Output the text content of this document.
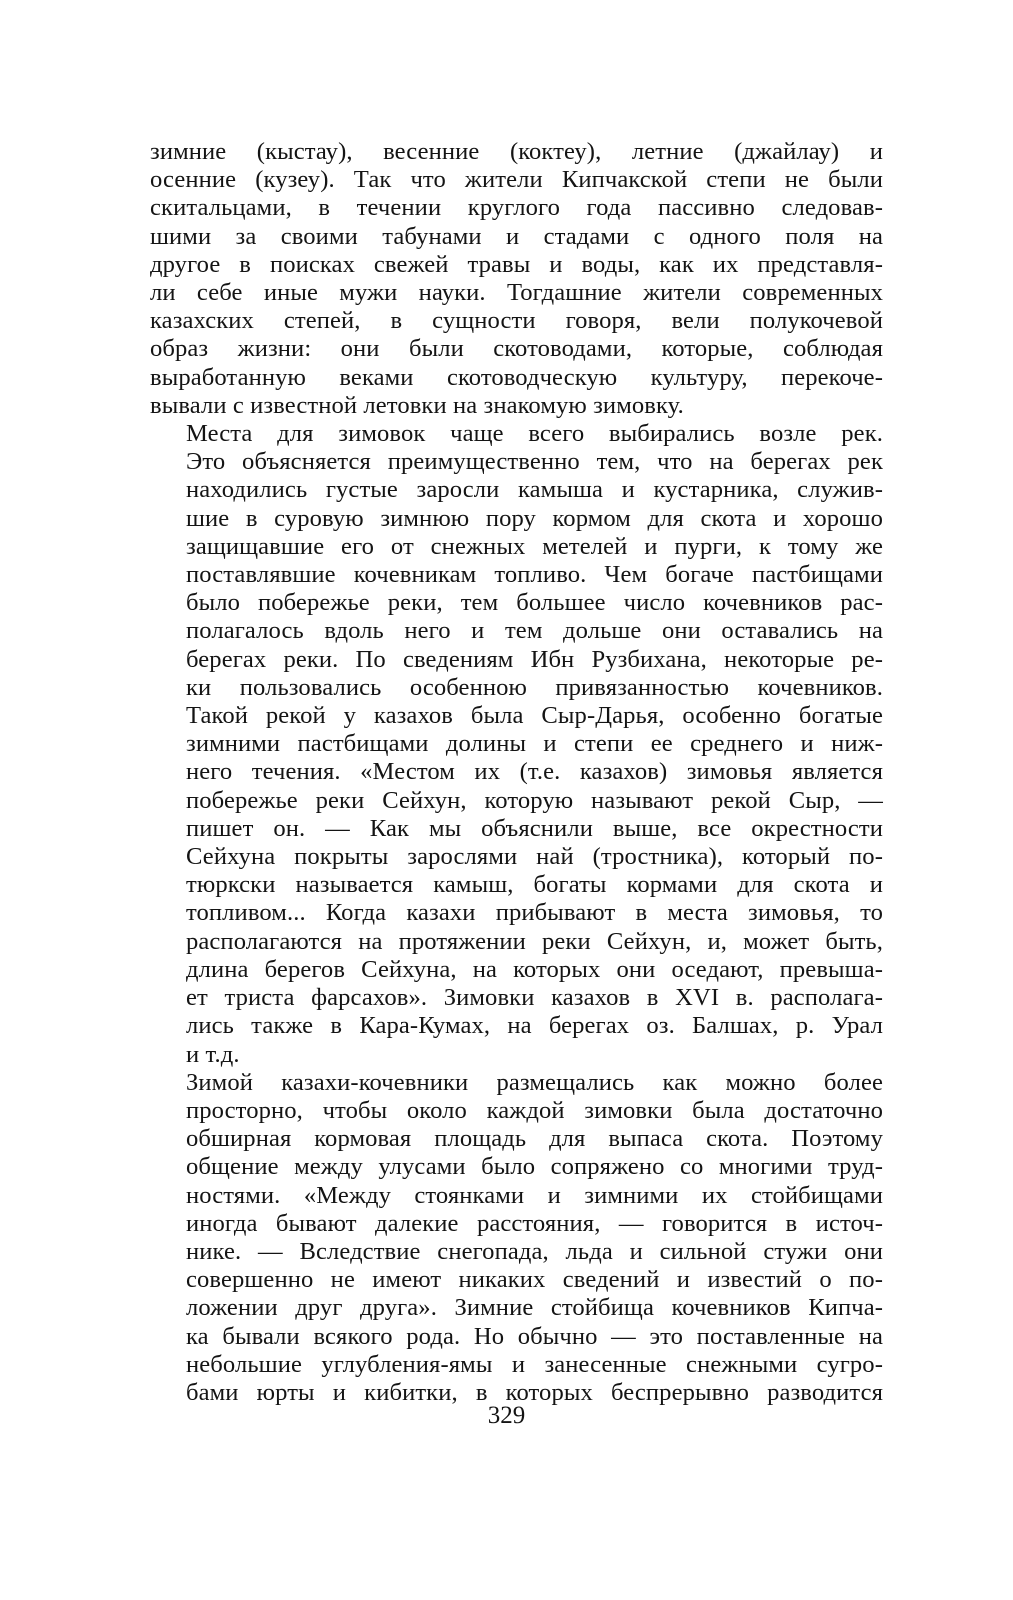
зимние (кыстау), весенние (коктеу), летние (джайлау) и
осенние (кузеу). Так что жители Кипчакской степи не были
скитальцами, в течении круглого года пассивно следовав-
шими за своими табунами и стадами с одного поля на
другое в поисках свежей травы и воды, как их представля-
ли себе иные мужи науки. Тогдашние жители современных
казахских степей, в сущности говоря, вели полукочевой
образ жизни: они были скотоводами, которые, соблюдая
выработанную веками скотоводческую культуру, перекоче-
вывали с известной летовки на знакомую зимовку.
Места для зимовок чаще всего выбирались возле рек.
Это объясняется преимущественно тем, что на берегах рек
находились густые заросли камыша и кустарника, служив-
шие в суровую зимнюю пору кормом для скота и хорошо
защищавшие его от снежных метелей и пурги, к тому же
поставлявшие кочевникам топливо. Чем богаче пастбищами
было побережье реки, тем большее число кочевников рас-
полагалось вдоль него и тем дольше они оставались на
берегах реки. По сведениям Ибн Рузбихана, некоторые ре-
ки пользовались особенною привязанностью кочевников.
Такой рекой у казахов была Сыр-Дарья, особенно богатые
зимними пастбищами долины и степи ее среднего и ниж-
него течения. «Местом их (т.е. казахов) зимовья является
побережье реки Сейхун, которую называют рекой Сыр, —
пишет он. — Как мы объяснили выше, все окрестности
Сейхуна покрыты зарослями най (тростника), который по-
тюркски называется камыш, богаты кормами для скота и
топливом... Когда казахи прибывают в места зимовья, то
располагаются на протяжении реки Сейхун, и, может быть,
длина берегов Сейхуна, на которых они оседают, превыша-
ет триста фарсахов». Зимовки казахов в XVI в. располага-
лись также в Кара-Кумах, на берегах оз. Балшах, р. Урал
и т.д.
Зимой казахи-кочевники размещались как можно более
просторно, чтобы около каждой зимовки была достаточно
обширная кормовая площадь для выпаса скота. Поэтому
общение между улусами было сопряжено со многими труд-
ностями. «Между стоянками и зимними их стойбищами
иногда бывают далекие расстояния, — говорится в источ-
нике. — Вследствие снегопада, льда и сильной стужи они
совершенно не имеют никаких сведений и известий о по-
ложении друг друга». Зимние стойбища кочевников Кипча-
ка бывали всякого рода. Но обычно — это поставленные на
небольшие углубления-ямы и занесенные снежными сугро-
бами юрты и кибитки, в которых беспрерывно разводится
329
